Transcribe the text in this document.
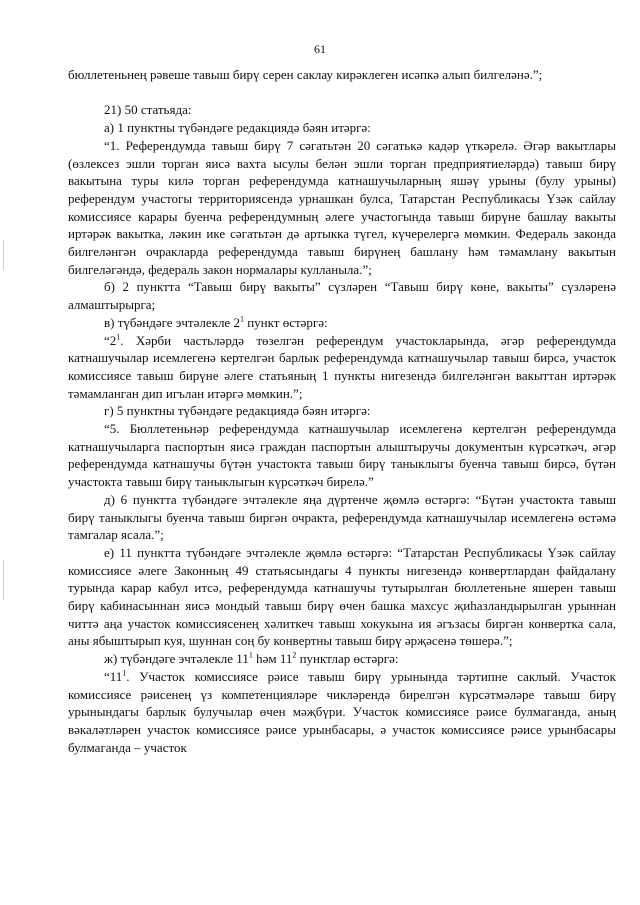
61

бюллетеньнең рәвеше тавыш бирү серен саклау кирәклеген исәпкә алып билгеләнә.”;

21) 50 статьяда:

а) 1 пунктны түбәндәге редакциядә бәян итәргә:

“1. Референдумда тавыш бирү 7 сәгатьтән 20 сәгатькә кадәр үткәрелә. Әгәр вакытлары (өзлексез эшли торган яисә вахта ысулы белән эшли торган предприятиеләрдә) тавыш бирү вакытына туры килә торган референдумда катнашучыларның яшәү урыны (булу урыны) референдум участогы территориясендә урнашкан булса, Татарстан Республикасы Үзәк сайлау комиссиясе карары буенча референдумның әлеге участогында тавыш бирүне башлау вакыты иртәрәк вакытка, ләкин ике сәгатьтән дә артыкка түгел, күчерелергә мөмкин. Федераль законда билгеләнгән очракларда референдумда тавыш бирүнең башлану һәм тәмамлану вакытын билгеләгәндә, федераль закон нормалары кулланыла.”;

б) 2 пунктта “Тавыш бирү вакыты” сүзләрен “Тавыш бирү көне, вакыты” сүзләренә алмаштырырга;

в) түбәндәге эчтәлекле $2^1$ пункт өстәргә:

“$2^1$. Хәрби частьләрдә төзелгән референдум участокларында, әгәр референдумда катнашучылар исемлегенә кертелгән барлык референдумда катнашучылар тавыш бирсә, участок комиссиясе тавыш бирүне әлеге статьяның 1 пункты нигезендә билгеләнгән вакыттан иртәрәк тәмамланган дип игълан итәргә мөмкин.”;

г) 5 пунктны түбәндәге редакциядә бәян итәргә:

“5. Бюллетеньнәр референдумда катнашучылар исемлегенә кертелгән референдумда катнашучыларга паспортын яисә граждан паспортын алыштыручы документын күрсәткәч, әгәр референдумда катнашучы бүтән участокта тавыш бирү таныклыгы буенча тавыш бирсә, бүтән участокта тавыш бирү таныклыгын күрсәткәч бирелә.”

д) 6 пунктта түбәндәге эчтәлекле яңа дүртенче җөмлә өстәргә: “Бүтән участокта тавыш бирү таныклыгы буенча тавыш биргән очракта, референдумда катнашучылар исемлегенә өстәмә тамгалар ясала.”;

е) 11 пунктта түбәндәге эчтәлекле җөмлә өстәргә: “Татарстан Республикасы Үзәк сайлау комиссиясе әлеге Законның 49 статьясындагы 4 пункты нигезендә конвертлардан файдалану турында карар кабул итсә, референдумда катнашучы тутырылган бюллетеньне яшерен тавыш бирү кабинасыннан яисә мондый тавыш бирү өчен башка махсус җиһазландырылган урыннан читтә аңа участок комиссиясенең хәлиткеч тавыш хокукына ия әгъзасы биргән конвертка сала, аны ябыштырып куя, шуннан соң бу конвертны тавыш бирү әрҗәсенә төшерә.”;

ж) түбәндәге эчтәлекле $11^1$ һәм $11^2$ пунктлар өстәргә:

“$11^1$. Участок комиссиясе рәисе тавыш бирү урынында тәртипне саклый. Участок комиссиясе рәисенең үз компетенцияләре чикләрендә бирелгән күрсәтмәләре тавыш бирү урынындагы барлык булучылар өчен мәҗбүри. Участок комиссиясе рәисе булмаганда, аның вәкаләтләрен участок комиссиясе рәисе урынбасары, ә участок комиссиясе рәисе урынбасары булмаганда – участок
